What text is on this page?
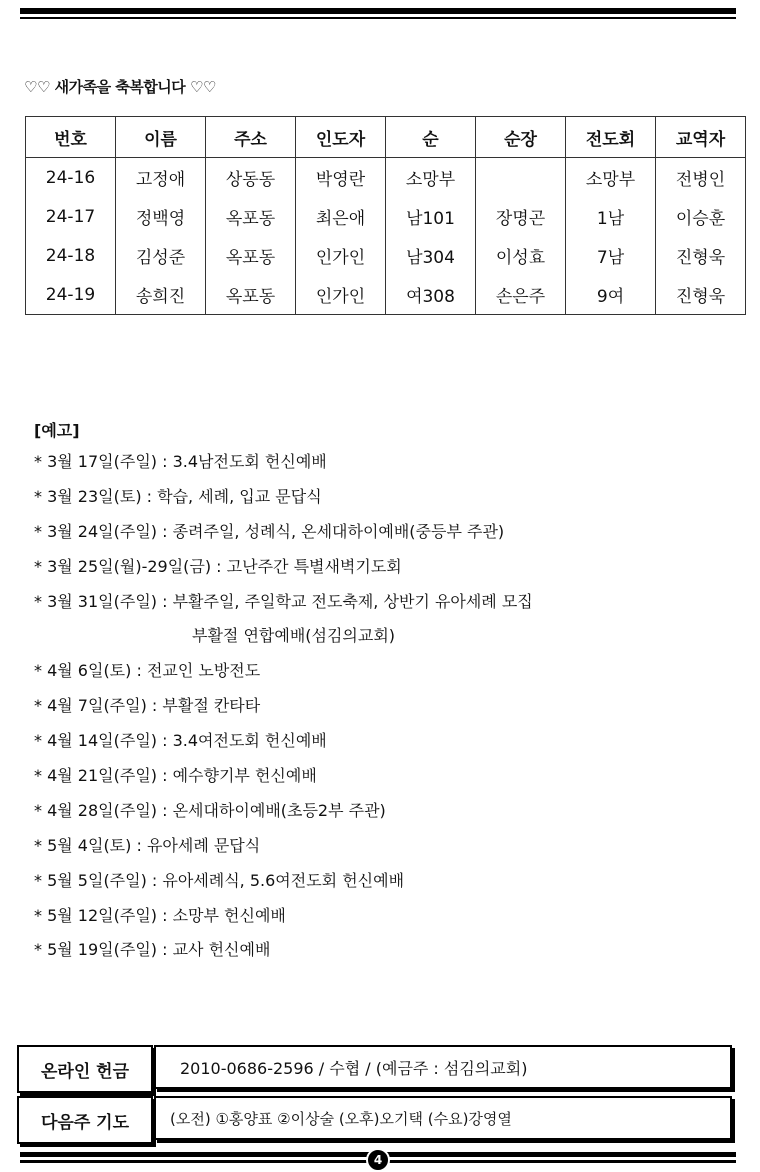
♡♡ 새가족을 축복합니다 ♡♡
번호	이름	주소	인도자	순	순장	전도회	교역자
24-16	고정애	상동동	박영란	소망부		소망부	전병인
24-17	정백영	옥포동	최은애	남101	장명곤	1남	이승훈
24-18	김성준	옥포동	인가인	남304	이성효	7남	진형욱
24-19	송희진	옥포동	인가인	여308	손은주	9여	진형욱
[예고]
* 3월 17일(주일) : 3.4남전도회 헌신예배
* 3월 23일(토) : 학습, 세례, 입교 문답식
* 3월 24일(주일) : 종려주일, 성례식, 온세대하이예배(중등부 주관)
* 3월 25일(월)-29일(금) : 고난주간 특별새벽기도회
* 3월 31일(주일) : 부활주일, 주일학교 전도축제, 상반기 유아세례 모집
부활절 연합예배(섬김의교회)
* 4월 6일(토) : 전교인 노방전도
* 4월 7일(주일) : 부활절 칸타타
* 4월 14일(주일) : 3.4여전도회 헌신예배
* 4월 21일(주일) : 예수향기부 헌신예배
* 4월 28일(주일) : 온세대하이예배(초등2부 주관)
* 5월 4일(토) : 유아세례 문답식
* 5월 5일(주일) : 유아세례식, 5.6여전도회 헌신예배
* 5월 12일(주일) : 소망부 헌신예배
* 5월 19일(주일) : 교사 헌신예배
온라인 헌금	2010-0686-2596 / 수협 / (예금주 : 섬김의교회)
다음주 기도	(오전) ①홍양표 ②이상술 (오후)오기택 (수요)강영열
4
